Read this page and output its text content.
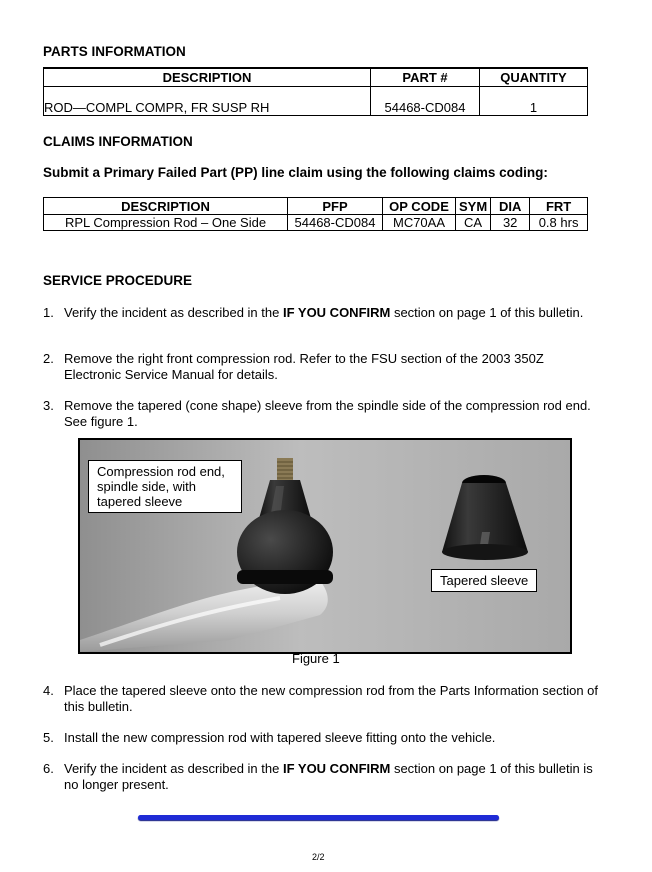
PARTS INFORMATION
DESCRIPTION	PART #	QUANTITY
ROD—COMPL COMPR, FR SUSP RH	54468-CD084	1
CLAIMS INFORMATION
Submit a Primary Failed Part (PP) line claim using the following claims coding:
DESCRIPTION	PFP	OP CODE	SYM	DIA	FRT
RPL Compression Rod – One Side	54468-CD084	MC70AA	CA	32	0.8 hrs
SERVICE PROCEDURE
1. Verify the incident as described in the IF YOU CONFIRM section on page 1 of this bulletin.
2. Remove the right front compression rod. Refer to the FSU section of the 2003 350Z Electronic Service Manual for details.
3. Remove the tapered (cone shape) sleeve from the spindle side of the compression rod end. See figure 1.
Compression rod end, spindle side, with tapered sleeve
Tapered sleeve
Figure 1
4. Place the tapered sleeve onto the new compression rod from the Parts Information section of this bulletin.
5. Install the new compression rod with tapered sleeve fitting onto the vehicle.
6. Verify the incident as described in the IF YOU CONFIRM section on page 1 of this bulletin is no longer present.
2/2
